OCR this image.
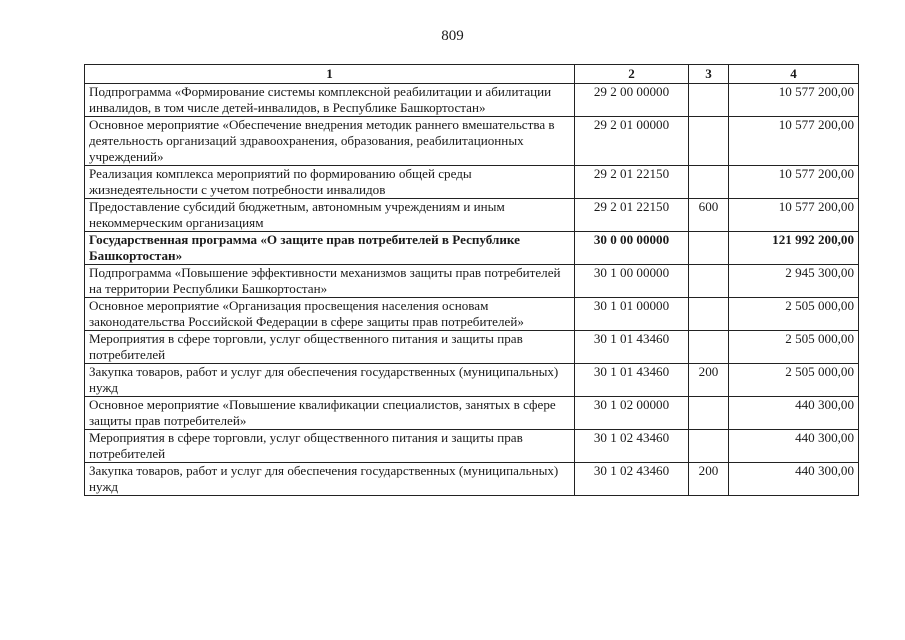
809
1	2	3	4
Подпрограмма «Формирование системы комплексной реабилитации и абилитации инвалидов, в том числе детей-инвалидов, в Республике Башкортостан»	29 2 00 00000		10 577 200,00
Основное мероприятие «Обеспечение внедрения методик раннего вмешательства в деятельность организаций здравоохранения, образования, реабилитационных учреждений»	29 2 01 00000		10 577 200,00
Реализация комплекса мероприятий по формированию общей среды жизнедеятельности с учетом потребности инвалидов	29 2 01 22150		10 577 200,00
Предоставление субсидий бюджетным, автономным учреждениям и иным некоммерческим организациям	29 2 01 22150	600	10 577 200,00
Государственная программа «О защите прав потребителей в Республике Башкортостан»	30 0 00 00000		121 992 200,00
Подпрограмма «Повышение эффективности механизмов защиты прав потребителей на территории Республики Башкортостан»	30 1 00 00000		2 945 300,00
Основное мероприятие «Организация просвещения населения основам законодательства Российской Федерации в сфере защиты прав потребителей»	30 1 01 00000		2 505 000,00
Мероприятия в сфере торговли, услуг общественного питания и защиты прав потребителей	30 1 01 43460		2 505 000,00
Закупка товаров, работ и услуг для обеспечения государственных (муниципальных) нужд	30 1 01 43460	200	2 505 000,00
Основное мероприятие «Повышение квалификации специалистов, занятых в сфере защиты прав потребителей»	30 1 02 00000		440 300,00
Мероприятия в сфере торговли, услуг общественного питания и защиты прав потребителей	30 1 02 43460		440 300,00
Закупка товаров, работ и услуг для обеспечения государственных (муниципальных) нужд	30 1 02 43460	200	440 300,00
